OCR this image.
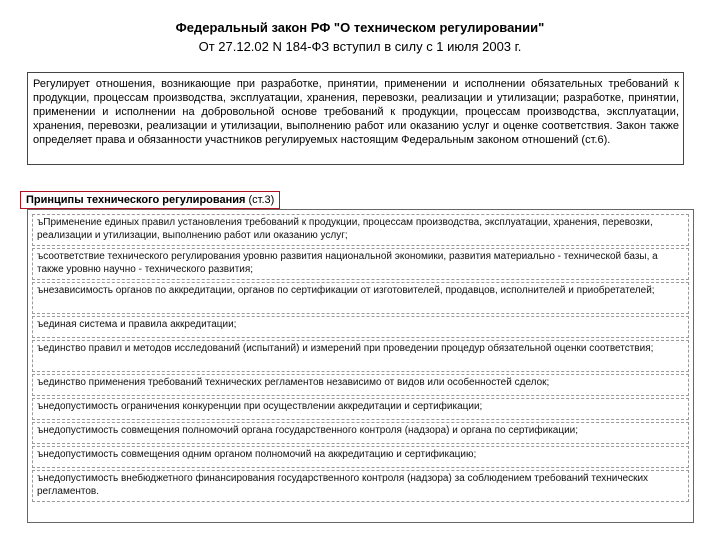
Федеральный закон РФ "О техническом регулировании"
От 27.12.02 N 184-ФЗ вступил в силу с 1 июля 2003 г.
Регулирует отношения, возникающие при разработке, принятии, применении и исполнении обязательных требований к продукции, процессам производства, эксплуатации, хранения, перевозки, реализации и утилизации; разработке, принятии, применении и исполнении на добровольной основе требований к продукции, процессам производства, эксплуатации, хранения, перевозки, реализации и утилизации, выполнению работ или оказанию услуг и оценке соответствия. Закон также определяет права и обязанности участников регулируемых настоящим Федеральным законом отношений (ст.6).
Принципы технического регулирования (ст.3)
ъПрименение единых правил установления требований к продукции, процессам производства, эксплуатации, хранения, перевозки, реализации и утилизации, выполнению работ или оказанию услуг;
ъсоответствие технического регулирования уровню развития национальной экономики, развития материально - технической базы, а также уровню научно - технического развития;
ънезависимость органов по аккредитации, органов по сертификации от изготовителей, продавцов, исполнителей и приобретателей;
ъединая система и правила аккредитации;
ъединство правил и методов исследований (испытаний) и измерений при проведении процедур обязательной оценки соответствия;
ъединство применения требований технических регламентов независимо от видов или особенностей сделок;
ънедопустимость ограничения конкуренции при осуществлении аккредитации и сертификации;
ънедопустимость совмещения полномочий органа государственного контроля (надзора) и органа по сертификации;
ънедопустимость совмещения одним органом полномочий на аккредитацию и сертификацию;
ънедопустимость внебюджетного финансирования государственного контроля (надзора) за соблюдением требований технических регламентов.
